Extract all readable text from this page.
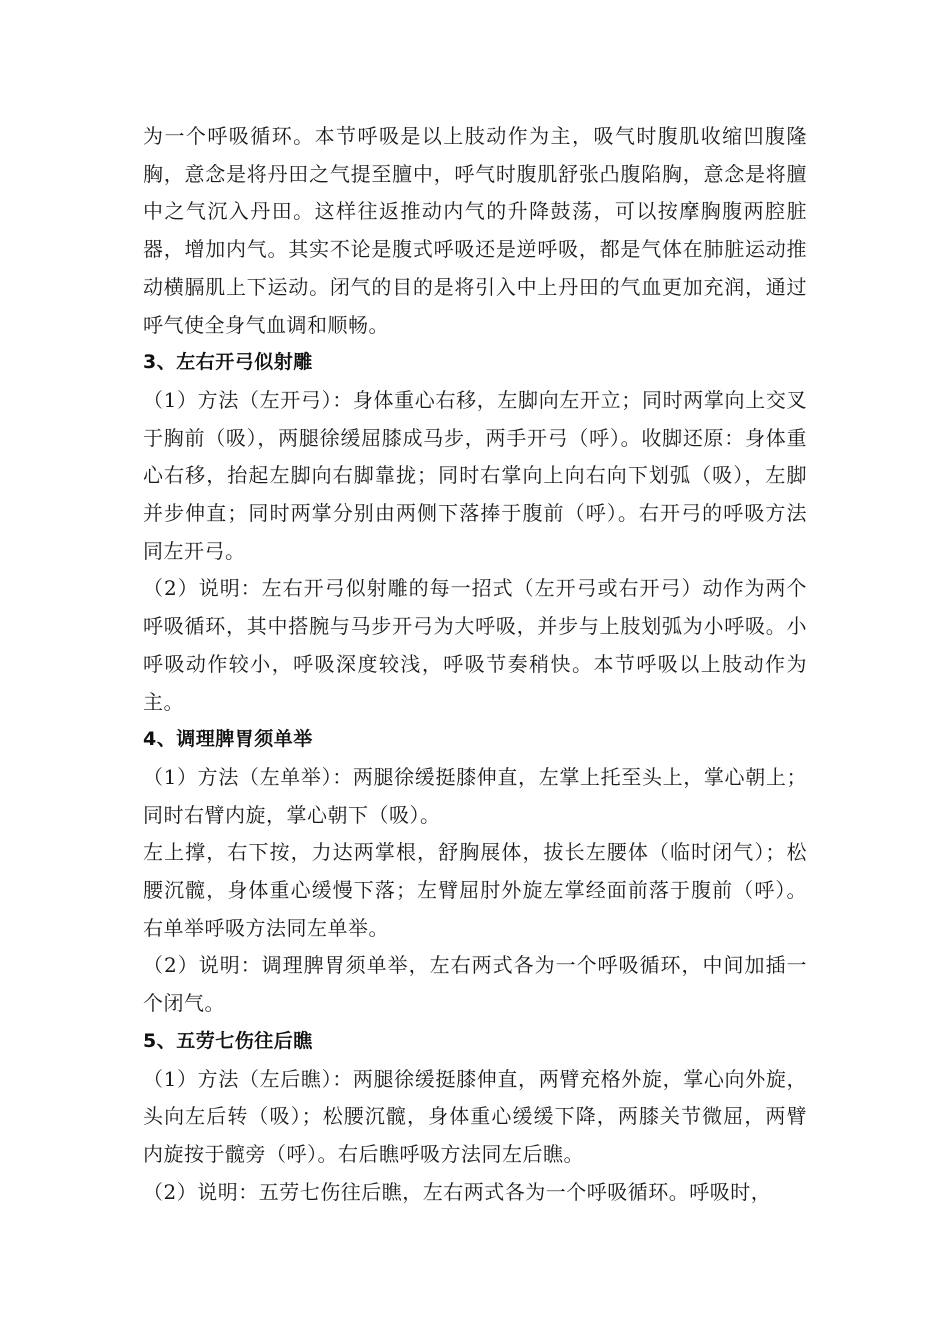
为一个呼吸循环。本节呼吸是以上肢动作为主，吸气时腹肌收缩凹腹隆胸，意念是将丹田之气提至膻中，呼气时腹肌舒张凸腹陷胸，意念是将膻中之气沉入丹田。这样往返推动内气的升降鼓荡，可以按摩胸腹两腔脏器，增加内气。其实不论是腹式呼吸还是逆呼吸，都是气体在肺脏运动推动横膈肌上下运动。闭气的目的是将引入中上丹田的气血更加充润，通过呼气使全身气血调和顺畅。

3、左右开弓似射雕

（1）方法（左开弓）：身体重心右移，左脚向左开立；同时两掌向上交叉于胸前（吸），两腿徐缓屈膝成马步，两手开弓（呼）。收脚还原：身体重心右移，抬起左脚向右脚靠拢；同时右掌向上向右向下划弧（吸），左脚并步伸直；同时两掌分别由两侧下落捧于腹前（呼）。右开弓的呼吸方法同左开弓。

（2）说明：左右开弓似射雕的每一招式（左开弓或右开弓）动作为两个呼吸循环，其中搭腕与马步开弓为大呼吸，并步与上肢划弧为小呼吸。小呼吸动作较小，呼吸深度较浅，呼吸节奏稍快。本节呼吸以上肢动作为主。

4、调理脾胃须单举

（1）方法（左单举）：两腿徐缓挺膝伸直，左掌上托至头上，掌心朝上；同时右臂内旋，掌心朝下（吸）。

左上撑，右下按，力达两掌根，舒胸展体，拔长左腰体（临时闭气）；松腰沉髋，身体重心缓慢下落；左臂屈肘外旋左掌经面前落于腹前（呼）。右单举呼吸方法同左单举。

（2）说明：调理脾胃须单举，左右两式各为一个呼吸循环，中间加插一个闭气。

5、五劳七伤往后瞧

（1）方法（左后瞧）：两腿徐缓挺膝伸直，两臂充格外旋，掌心向外旋，头向左后转（吸）；松腰沉髋，身体重心缓缓下降，两膝关节微屈，两臂内旋按于髋旁（呼）。右后瞧呼吸方法同左后瞧。

（2）说明：五劳七伤往后瞧，左右两式各为一个呼吸循环。呼吸时，
